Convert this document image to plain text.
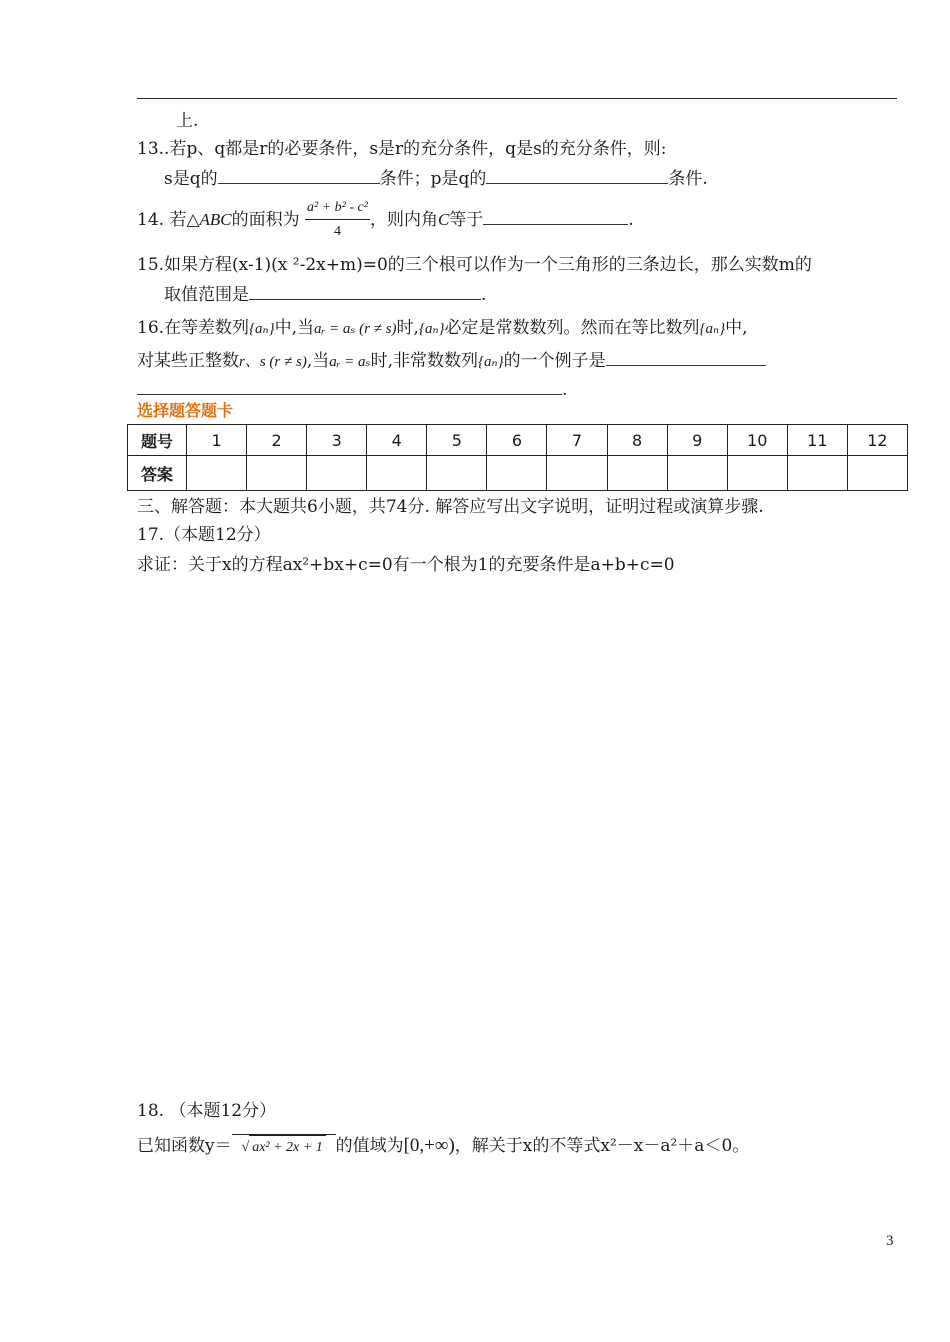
上.
13..若p、q都是r的必要条件，s是r的充分条件，q是s的充分条件，则:
s是q的	条件；p是q的	条件.
14. 若△ABC的面积为 $\frac{\text{a² + b² - c²}}{4}$ ，则内角C等于	.
15.如果方程(x-1)(x ²-2x+m)=0的三个根可以作为一个三角形的三条边长，那么实数m的
取值范围是	.
16.在等差数列{aₙ}中,当aᵣ = aₛ (r ≠ s)时,{aₙ}必定是常数数列。然而在等比数列{aₙ}中,
对某些正整数r、s (r ≠ s),当aᵣ = aₛ时,非常数数列{aₙ}的一个例子是
.
选择题答题卡
题号	1	2	3	4	5	6	7	8	9	10	11	12
答案												
三、解答题：本大题共6小题，共74分. 解答应写出文字说明，证明过程或演算步骤.
17.（本题12分）
求证：关于x的方程ax²+bx+c=0有一个根为1的充要条件是a+b+c=0
18. （本题12分）
已知函数y＝ √ ax² + 2x + 1 的值域为[0,+∞)，解关于x的不等式x²－x－a²＋a＜0。
3
